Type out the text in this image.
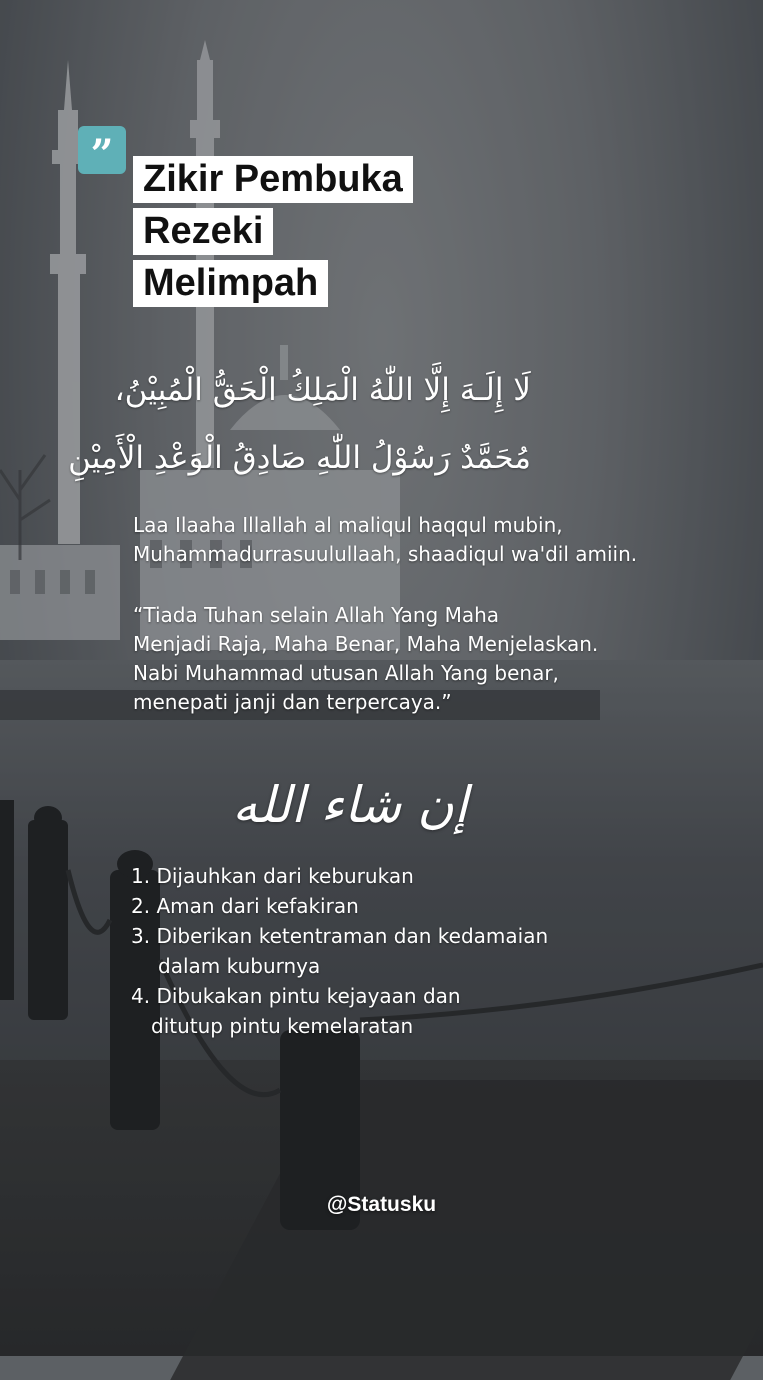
”
Zikir Pembuka
Rezeki
Melimpah
لَا إِلَـهَ إِلَّا اللّٰهُ الْمَلِكُ الْحَقُّ الْمُبِيْنُ،
مُحَمَّدٌ رَسُوْلُ اللّٰهِ صَادِقُ الْوَعْدِ الْأَمِيْنِ
Laa Ilaaha Illallah al maliqul haqqul mubin,
Muhammadurrasuulullaah, shaadiqul wa'dil amiin.
“Tiada Tuhan selain Allah Yang Maha
Menjadi Raja, Maha Benar, Maha Menjelaskan.
Nabi Muhammad utusan Allah Yang benar,
menepati janji dan terpercaya.”
إن شاء الله
1. Dijauhkan dari keburukan
2. Aman dari kefakiran
3. Diberikan ketentraman dan kedamaian
dalam kuburnya
4. Dibukakan pintu kejayaan dan
ditutup pintu kemelaratan
@Statusku
